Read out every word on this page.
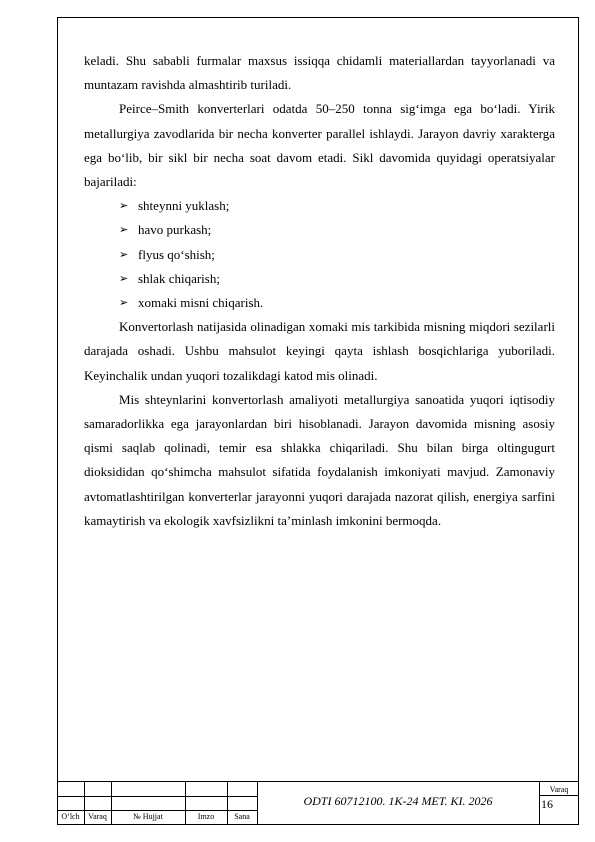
keladi. Shu sababli furmalar maxsus issiqqa chidamli materiallardan tayyorlanadi va muntazam ravishda almashtirib turiladi.

Peirce–Smith konverterlari odatda 50–250 tonna sig‘imga ega bo‘ladi. Yirik metallurgiya zavodlarida bir necha konverter parallel ishlaydi. Jarayon davriy xarakterga ega bo‘lib, bir sikl bir necha soat davom etadi. Sikl davomida quyidagi operatsiyalar bajariladi:

➢ shteynni yuklash;
➢ havo purkash;
➢ flyus qo‘shish;
➢ shlak chiqarish;
➢ xomaki misni chiqarish.

Konvertorlash natijasida olinadigan xomaki mis tarkibida misning miqdori sezilarli darajada oshadi. Ushbu mahsulot keyingi qayta ishlash bosqichlariga yuboriladi. Keyinchalik undan yuqori tozalikdagi katod mis olinadi.

Mis shteynlarini konvertorlash amaliyoti metallurgiya sanoatida yuqori iqtisodiy samaradorlikka ega jarayonlardan biri hisoblanadi. Jarayon davomida misning asosiy qismi saqlab qolinadi, temir esa shlakka chiqariladi. Shu bilan birga oltingugurt dioksididan qo‘shimcha mahsulot sifatida foydalanish imkoniyati mavjud. Zamonaviy avtomatlashtirilgan konverterlar jarayonni yuqori darajada nazorat qilish, energiya sarfini kamaytirish va ekologik xavfsizlikni ta’minlash imkonini bermoqda.

O‘lch	Varaq	№ Hujjat	Imzo	Sana
ODTI 60712100. 1K-24 MET. KI. 2026
Varaq
16
